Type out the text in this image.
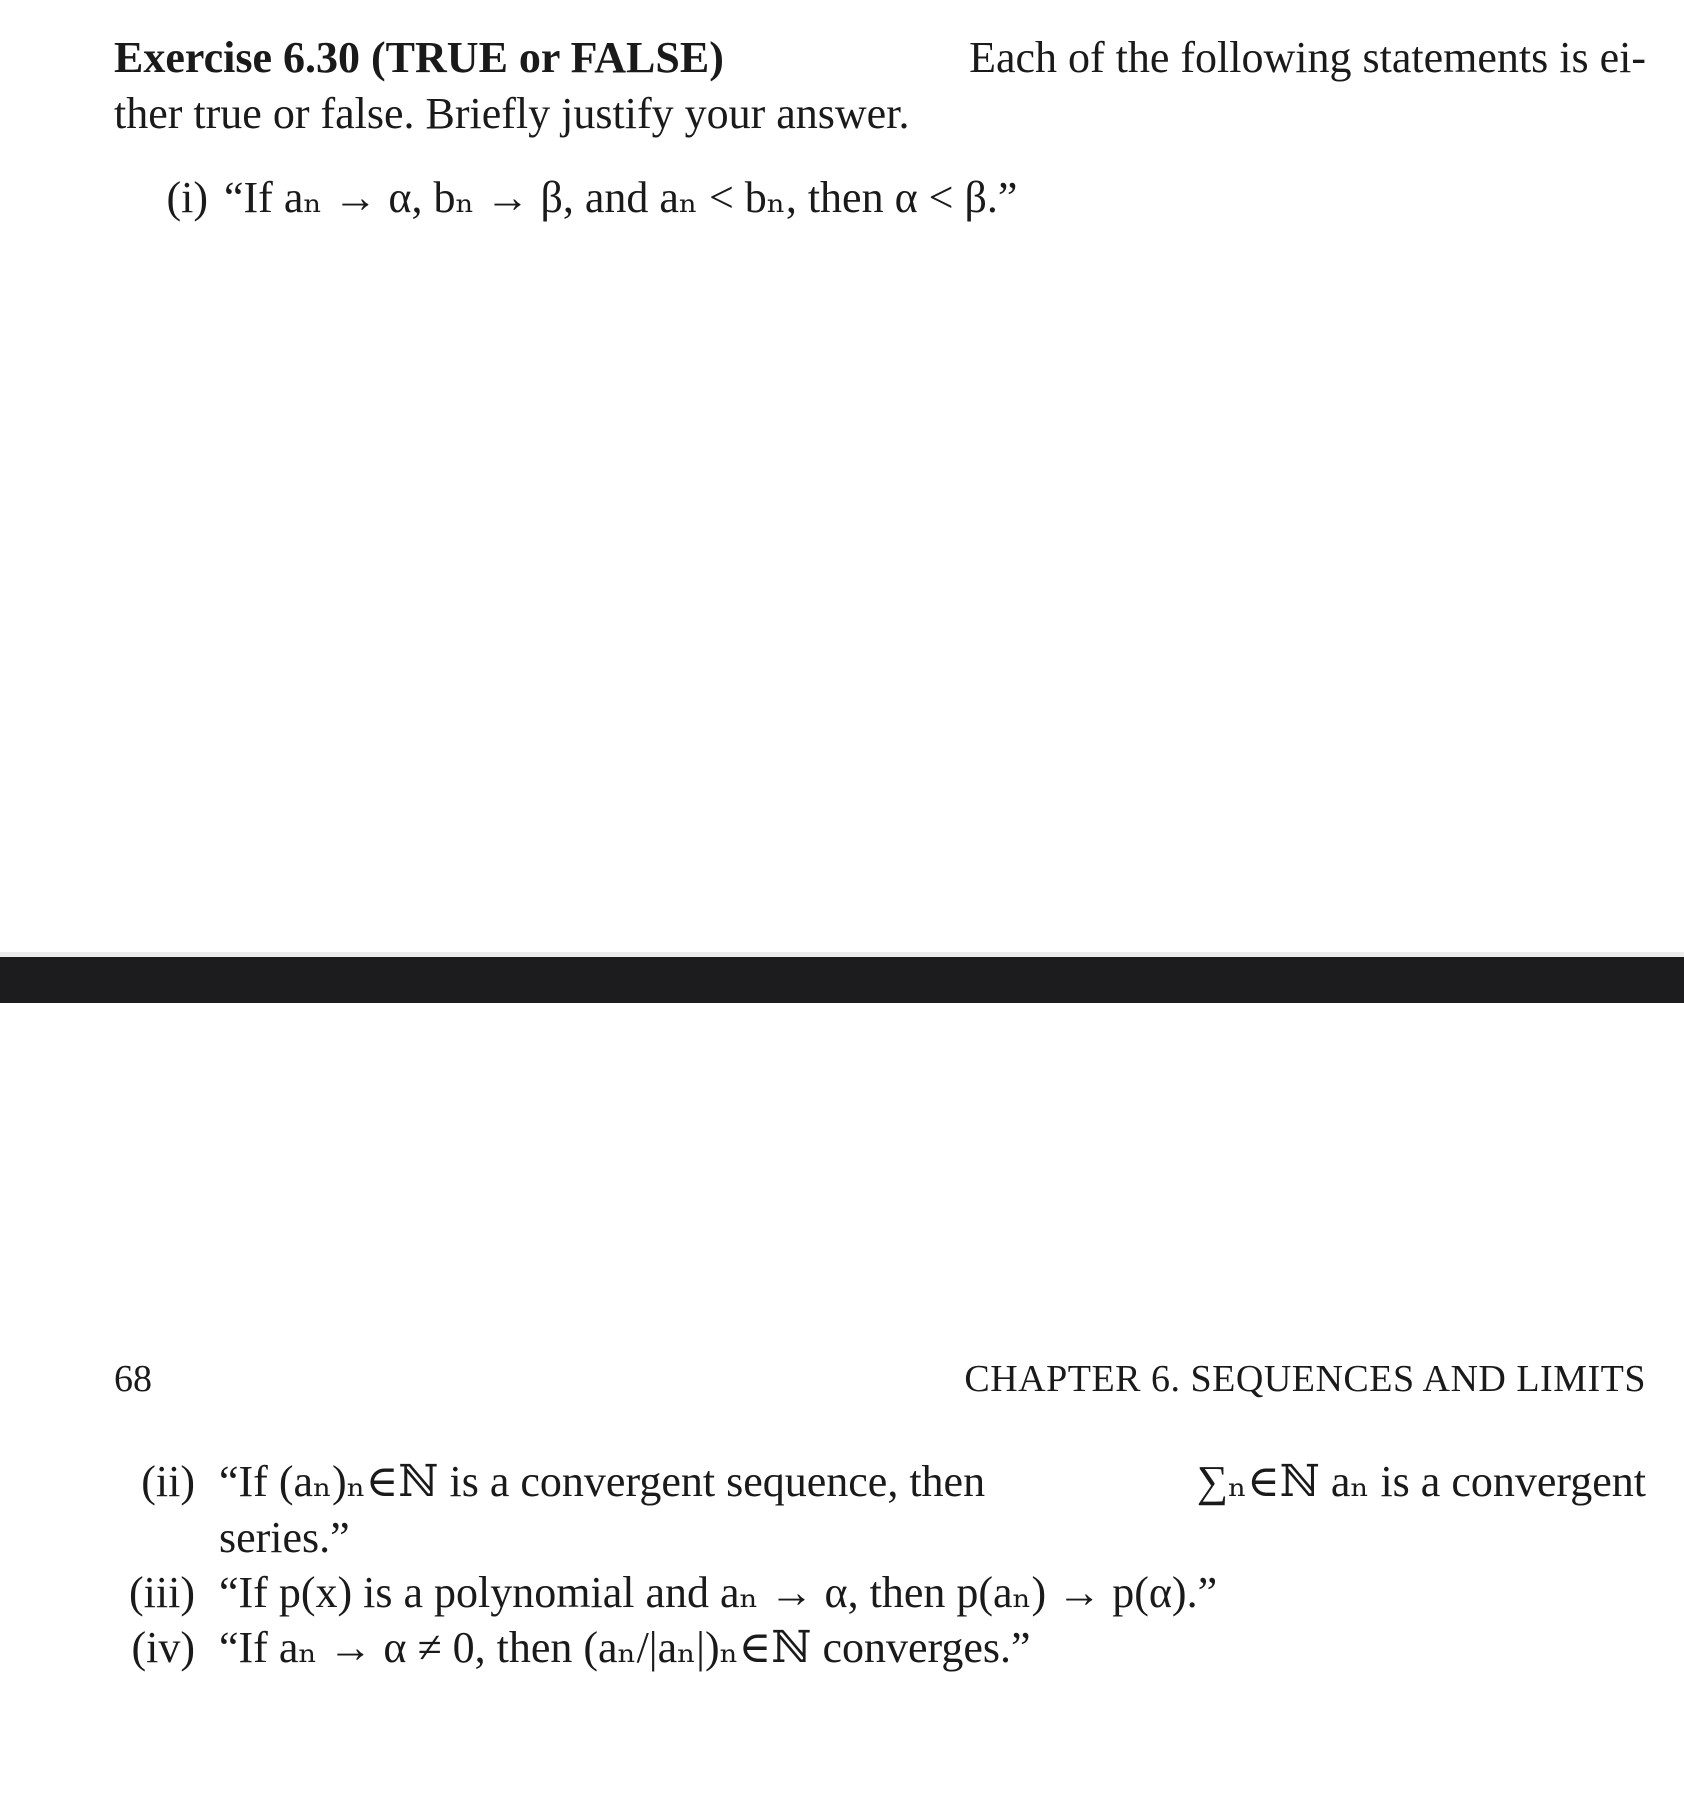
Exercise 6.30 (TRUE or FALSE)	Each of the following statements is ei-
ther true or false. Briefly justify your answer.
(i) “If aₙ → α, bₙ → β, and aₙ < bₙ, then α < β.”
68	CHAPTER 6. SEQUENCES AND LIMITS
(ii) “If (aₙ)ₙ∈ℕ is a convergent sequence, then	∑ₙ∈ℕ aₙ is a convergent
series.”
(iii) “If p(x) is a polynomial and aₙ → α, then p(aₙ) → p(α).”
(iv) “If aₙ → α ≠ 0, then (aₙ/|aₙ|)ₙ∈ℕ converges.”
